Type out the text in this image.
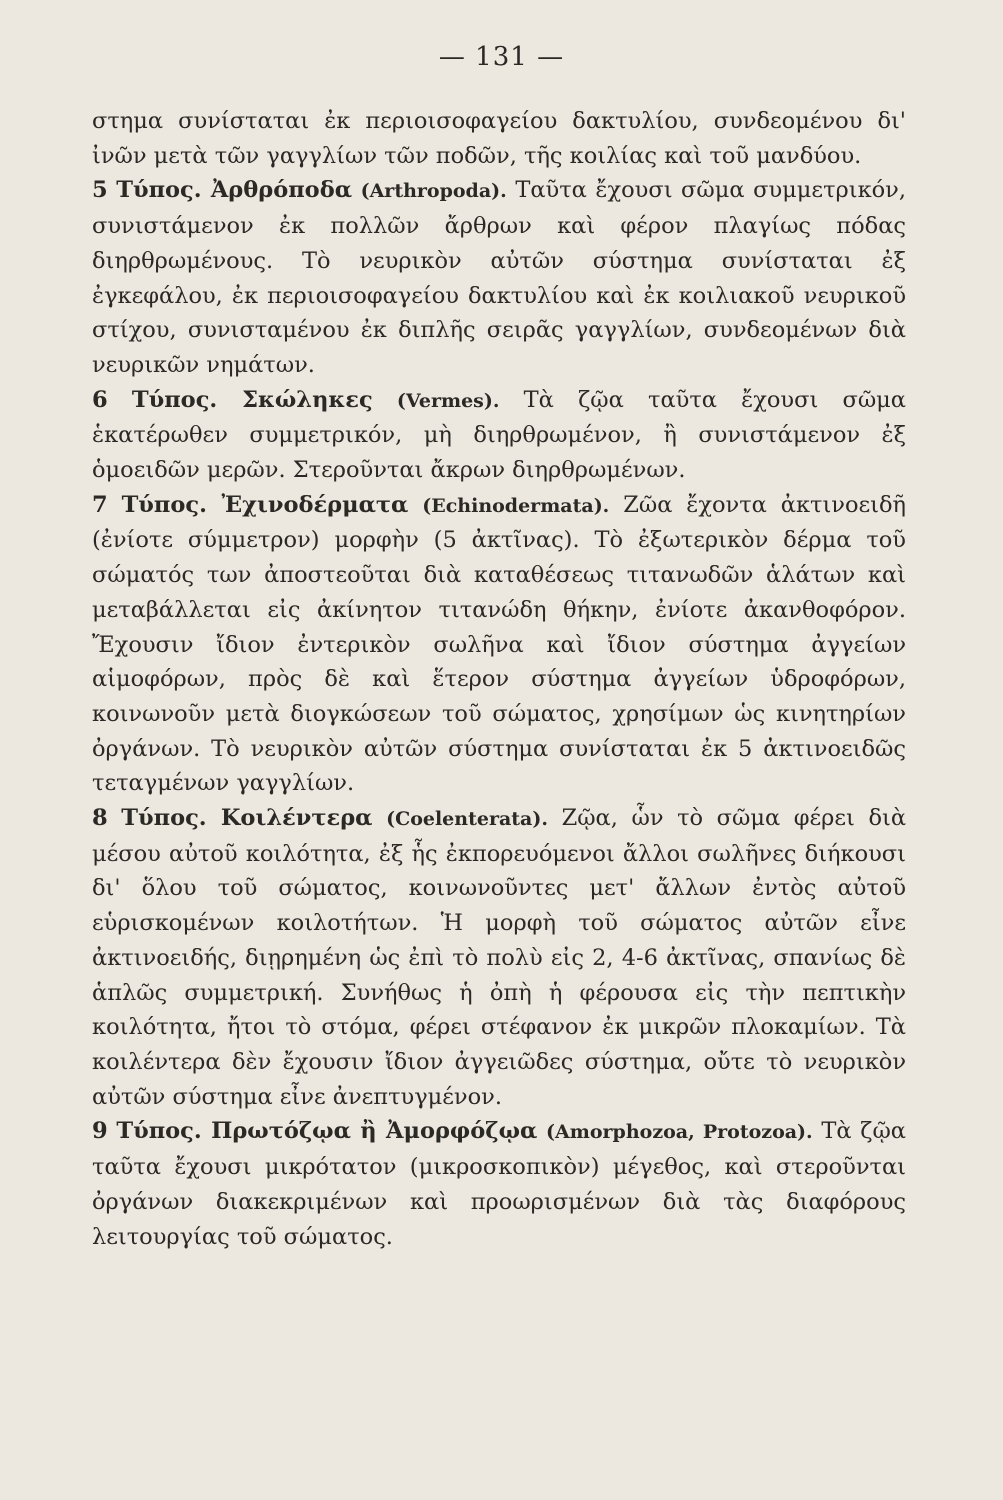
— 131 —

στημα συνίσταται ἐκ περιοισοφαγείου δακτυλίου, συνδεομένου δι' ἰνῶν μετὰ τῶν γαγγλίων τῶν ποδῶν, τῆς κοιλίας καὶ τοῦ μανδύου.

5 Τύπος. Ἀρθρόποδα (Arthropoda). Ταῦτα ἔχουσι σῶμα συμμετρικόν, συνιστάμενον ἐκ πολλῶν ἄρθρων καὶ φέρον πλαγίως πόδας διηρθρωμένους. Τὸ νευρικὸν αὐτῶν σύστημα συνίσταται ἐξ ἐγκεφάλου, ἐκ περιοισοφαγείου δακτυλίου καὶ ἐκ κοιλιακοῦ νευρικοῦ στίχου, συνισταμένου ἐκ διπλῆς σειρᾶς γαγγλίων, συνδεομένων διὰ νευρικῶν νημάτων.

6 Τύπος. Σκώληκες (Vermes). Τὰ ζῷα ταῦτα ἔχουσι σῶμα ἑκατέρωθεν συμμετρικόν, μὴ διηρθρωμένον, ἢ συνιστάμενον ἐξ ὁμοειδῶν μερῶν. Στεροῦνται ἄκρων διηρθρωμένων.

7 Τύπος. Ἐχινοδέρματα (Echinodermata). Ζῶα ἔχοντα ἀκτινοειδῆ (ἐνίοτε σύμμετρον) μορφὴν (5 ἀκτῖνας). Τὸ ἐξωτερικὸν δέρμα τοῦ σώματός των ἀποστεοῦται διὰ καταθέσεως τιτανωδῶν ἁλάτων καὶ μεταβάλλεται εἰς ἀκίνητον τιτανώδη θήκην, ἐνίοτε ἀκανθοφόρον. Ἔχουσιν ἴδιον ἐντερικὸν σωλῆνα καὶ ἴδιον σύστημα ἀγγείων αἱμοφόρων, πρὸς δὲ καὶ ἕτερον σύστημα ἀγγείων ὑδροφόρων, κοινωνοῦν μετὰ διογκώσεων τοῦ σώματος, χρησίμων ὡς κινητηρίων ὀργάνων. Τὸ νευρικὸν αὐτῶν σύστημα συνίσταται ἐκ 5 ἀκτινοειδῶς τεταγμένων γαγγλίων.

8 Τύπος. Κοιλέντερα (Coelenterata). Ζῷα, ὧν τὸ σῶμα φέρει διὰ μέσου αὐτοῦ κοιλότητα, ἐξ ἧς ἐκπορευόμενοι ἄλλοι σωλῆνες διήκουσι δι' ὅλου τοῦ σώματος, κοινωνοῦντες μετ' ἄλλων ἐντὸς αὐτοῦ εὑρισκομένων κοιλοτήτων. Ἡ μορφὴ τοῦ σώματος αὐτῶν εἶνε ἀκτινοειδής, διῃρημένη ὡς ἐπὶ τὸ πολὺ εἰς 2, 4-6 ἀκτῖνας, σπανίως δὲ ἁπλῶς συμμετρική. Συνήθως ἡ ὀπὴ ἡ φέρουσα εἰς τὴν πεπτικὴν κοιλότητα, ἤτοι τὸ στόμα, φέρει στέφανον ἐκ μικρῶν πλοκαμίων. Τὰ κοιλέντερα δὲν ἔχουσιν ἴδιον ἀγγειῶδες σύστημα, οὔτε τὸ νευρικὸν αὐτῶν σύστημα εἶνε ἀνεπτυγμένον.

9 Τύπος. Πρωτόζῳα ἢ Ἀμορφόζῳα (Amorphozoa, Protozoa). Τὰ ζῷα ταῦτα ἔχουσι μικρότατον (μικροσκοπικὸν) μέγεθος, καὶ στεροῦνται ὀργάνων διακεκριμένων καὶ προωρισμένων διὰ τὰς διαφόρους λειτουργίας τοῦ σώματος.
